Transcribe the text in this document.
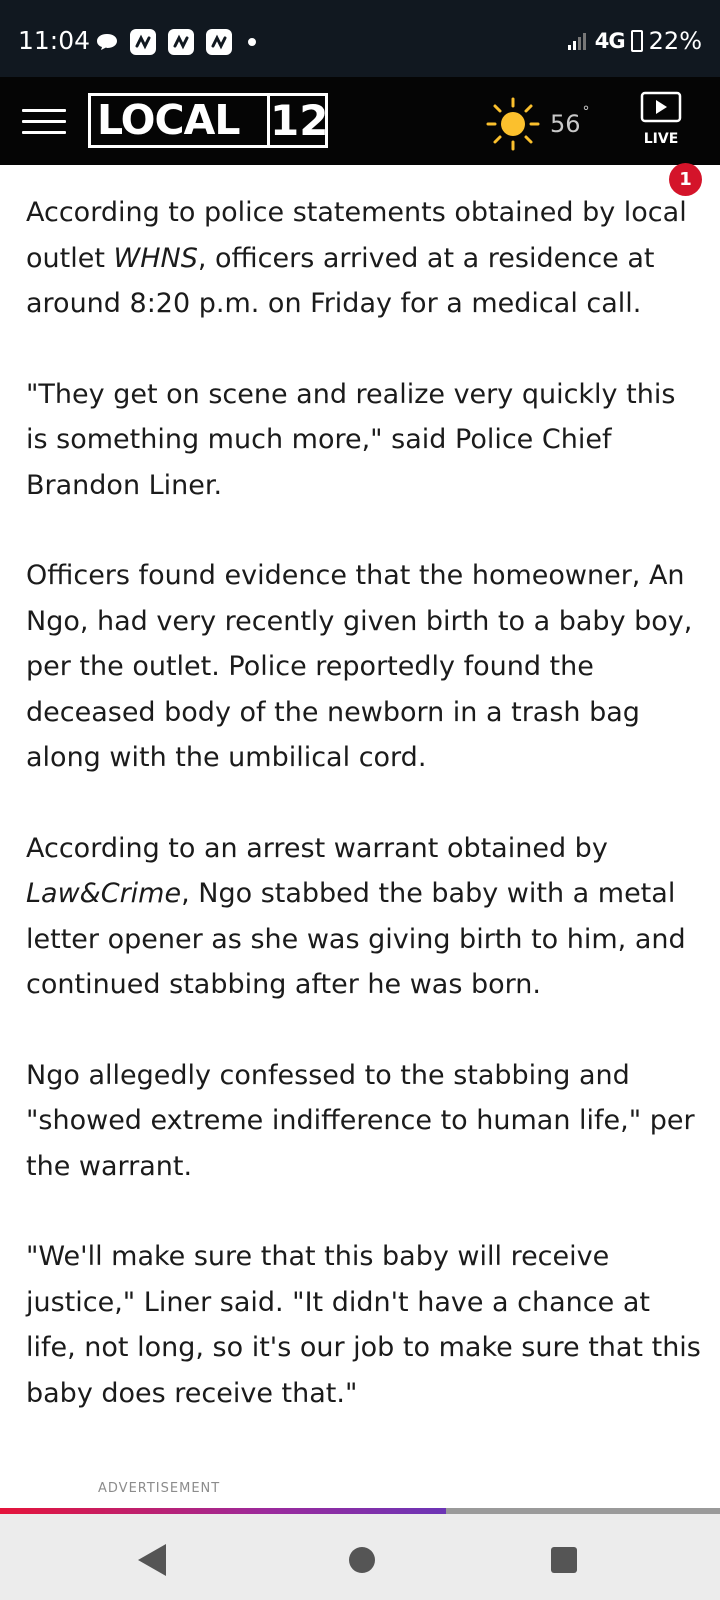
11:04	4G 22%
LOCAL 12	56 °
LIVE
1

According to police statements obtained by local outlet WHNS, officers arrived at a residence at around 8:20 p.m. on Friday for a medical call.

"They get on scene and realize very quickly this is something much more," said Police Chief Brandon Liner.

Officers found evidence that the homeowner, An Ngo, had very recently given birth to a baby boy, per the outlet. Police reportedly found the deceased body of the newborn in a trash bag along with the umbilical cord.

According to an arrest warrant obtained by Law&Crime, Ngo stabbed the baby with a metal letter opener as she was giving birth to him, and continued stabbing after he was born.

Ngo allegedly confessed to the stabbing and "showed extreme indifference to human life," per the warrant.

"We'll make sure that this baby will receive justice," Liner said. "It didn't have a chance at life, not long, so it's our job to make sure that this baby does receive that."

ADVERTISEMENT
